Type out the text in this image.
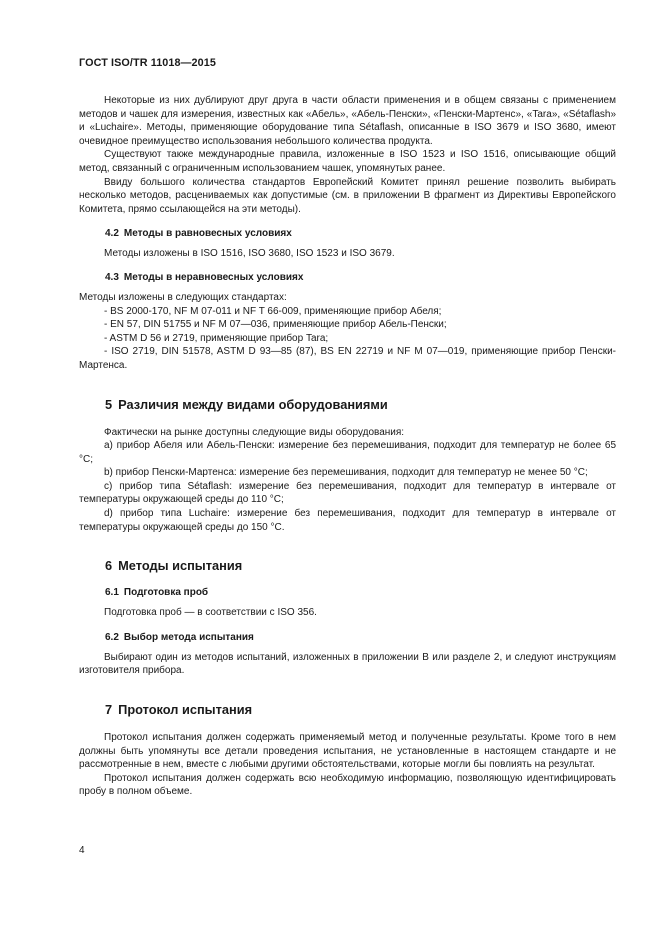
ГОСТ ISO/TR 11018—2015

Некоторые из них дублируют друг друга в части области применения и в общем связаны с применением методов и чашек для измерения, известных как «Абель», «Абель-Пенски», «Пенски-Мартенс», «Tara», «Sétaflash» и «Luchaire». Методы, применяющие оборудование типа Sétaflash, описанные в ISO 3679 и ISO 3680, имеют очевидное преимущество использования небольшого количества продукта.

Существуют также международные правила, изложенные в ISO 1523 и ISO 1516, описывающие общий метод, связанный с ограниченным использованием чашек, упомянутых ранее.

Ввиду большого количества стандартов Европейский Комитет принял решение позволить выбирать несколько методов, расцениваемых как допустимые (см. в приложении В фрагмент из Директивы Европейского Комитета, прямо ссылающейся на эти методы).

4.2 Методы в равновесных условиях

Методы изложены в ISO 1516, ISO 3680, ISO 1523 и ISO 3679.

4.3 Методы в неравновесных условиях

Методы изложены в следующих стандартах:

- BS 2000-170, NF M 07-011 и NF T 66-009, применяющие прибор Абеля;

- EN 57, DIN 51755 и NF M 07—036, применяющие прибор Абель-Пенски;

- ASTM D 56 и 2719, применяющие прибор Tara;

- ISO 2719, DIN 51578, ASTM D 93—85 (87), BS EN 22719 и NF M 07—019, применяющие прибор Пенски-Мартенса.

5 Различия между видами оборудованиями

Фактически на рынке доступны следующие виды оборудования:

a) прибор Абеля или Абель-Пенски: измерение без перемешивания, подходит для температур не более 65 °C;

b) прибор Пенски-Мартенса: измерение без перемешивания, подходит для температур не менее 50 °C;

c) прибор типа Sétaflash: измерение без перемешивания, подходит для температур в интервале от температуры окружающей среды до 110 °C;

d) прибор типа Luchaire: измерение без перемешивания, подходит для температур в интервале от температуры окружающей среды до 150 °C.

6 Методы испытания
6.1 Подготовка проб

Подготовка проб — в соответствии с ISO 356.

6.2 Выбор метода испытания

Выбирают один из методов испытаний, изложенных в приложении В или разделе 2, и следуют инструкциям изготовителя прибора.

7 Протокол испытания

Протокол испытания должен содержать применяемый метод и полученные результаты. Кроме того в нем должны быть упомянуты все детали проведения испытания, не установленные в настоящем стандарте и не рассмотренные в нем, вместе с любыми другими обстоятельствами, которые могли бы повлиять на результат.

Протокол испытания должен содержать всю необходимую информацию, позволяющую идентифицировать пробу в полном объеме.

4
